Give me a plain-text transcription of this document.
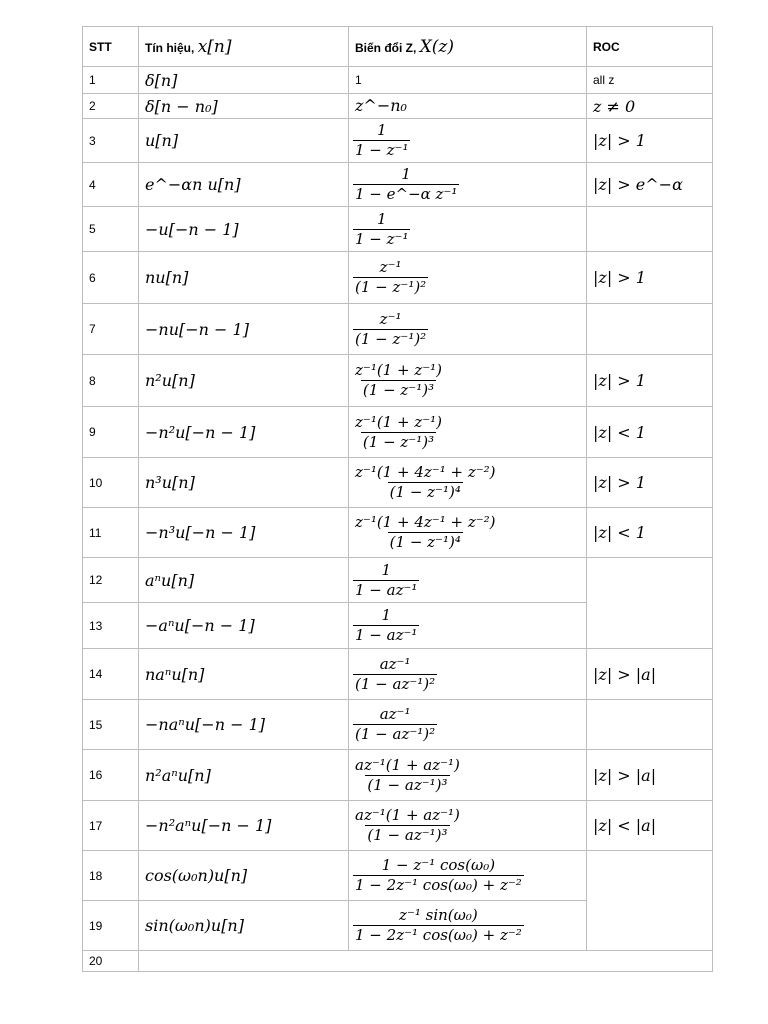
STT	Tín hiệu, x[n]	Biến đổi Z, X(z)	ROC
1	δ[n]	1	all z
2	δ[n − n₀]	z^−n₀	z ≠ 0
3	u[n]	$\frac{1}{\text{1 − z⁻¹}}$	|z| > 1
4	e^−αn u[n]	$\frac{1}{\text{1 − e\textasciicircum{}−α z⁻¹}}$	|z| > e^−α
5	−u[−n − 1]	$\frac{1}{\text{1 − z⁻¹}}$

6	nu[n]	$\frac{\text{z⁻¹}}{\text{(1 − z⁻¹)²}}$	|z| > 1
7	−nu[−n − 1]	$\frac{\text{z⁻¹}}{\text{(1 − z⁻¹)²}}$

8	n²u[n]	$\frac{\text{z⁻¹(1 + z⁻¹)}}{\text{(1 − z⁻¹)³}}$	|z| > 1
9	−n²u[−n − 1]	$\frac{\text{z⁻¹(1 + z⁻¹)}}{\text{(1 − z⁻¹)³}}$	|z| < 1
10	n³u[n]	$\frac{\text{z⁻¹(1 + 4z⁻¹ + z⁻²)}}{\text{(1 − z⁻¹)⁴}}$	|z| > 1
11	−n³u[−n − 1]	$\frac{\text{z⁻¹(1 + 4z⁻¹ + z⁻²)}}{\text{(1 − z⁻¹)⁴}}$	|z| < 1
12	aⁿu[n]	$\frac{1}{\text{1 − az⁻¹}}$

13	−aⁿu[−n − 1]	$\frac{1}{\text{1 − az⁻¹}}$

14	naⁿu[n]	$\frac{\text{az⁻¹}}{\text{(1 − az⁻¹)²}}$	|z| > |a|
15	−naⁿu[−n − 1]	$\frac{\text{az⁻¹}}{\text{(1 − az⁻¹)²}}$

16	n²aⁿu[n]	$\frac{\text{az⁻¹(1 + az⁻¹)}}{\text{(1 − az⁻¹)³}}$	|z| > |a|
17	−n²aⁿu[−n − 1]	$\frac{\text{az⁻¹(1 + az⁻¹)}}{\text{(1 − az⁻¹)³}}$	|z| < |a|
18	cos(ω₀n)u[n]	$\frac{\text{1 − z⁻¹ cos(ω₀)}}{\text{1 − 2z⁻¹ cos(ω₀) + z⁻²}}$

19	sin(ω₀n)u[n]	$\frac{\text{z⁻¹ sin(ω₀)}}{\text{1 − 2z⁻¹ cos(ω₀) + z⁻²}}$

20			
